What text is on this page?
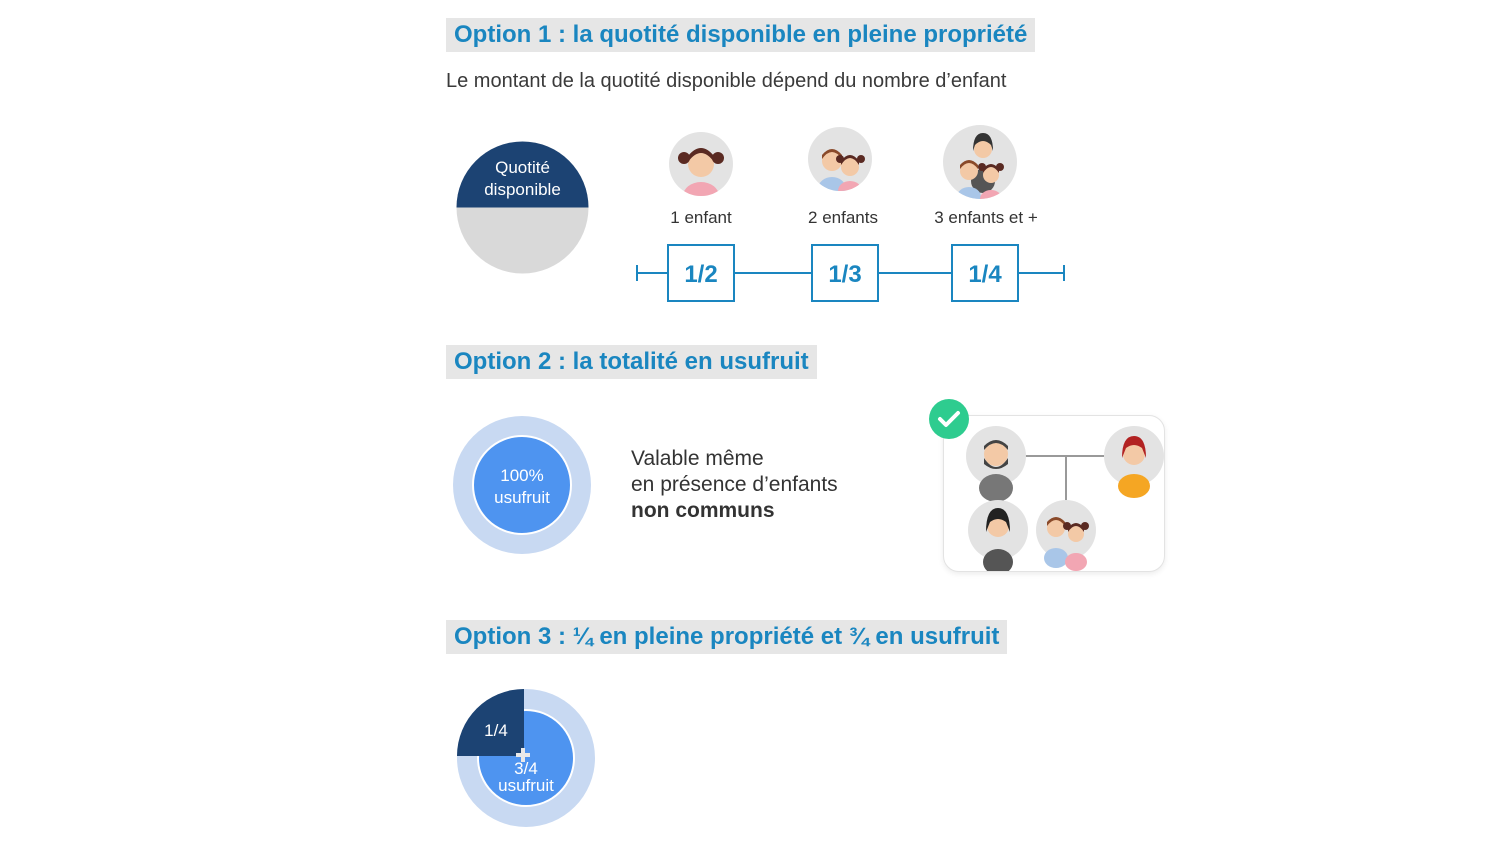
Option 1 : la quotité disponible en pleine propriété
Le montant de la quotité disponible dépend du nombre d’enfant
Quotité
disponible
1 enfant	2 enfants	3 enfants et +
1/2	1/3	1/4
Option 2 : la totalité en usufruit
100%
usufruit
Valable même
en présence d’enfants
non communs
Option 3 : ¼ en pleine propriété et ¾ en usufruit
1/4
3/4
usufruit
